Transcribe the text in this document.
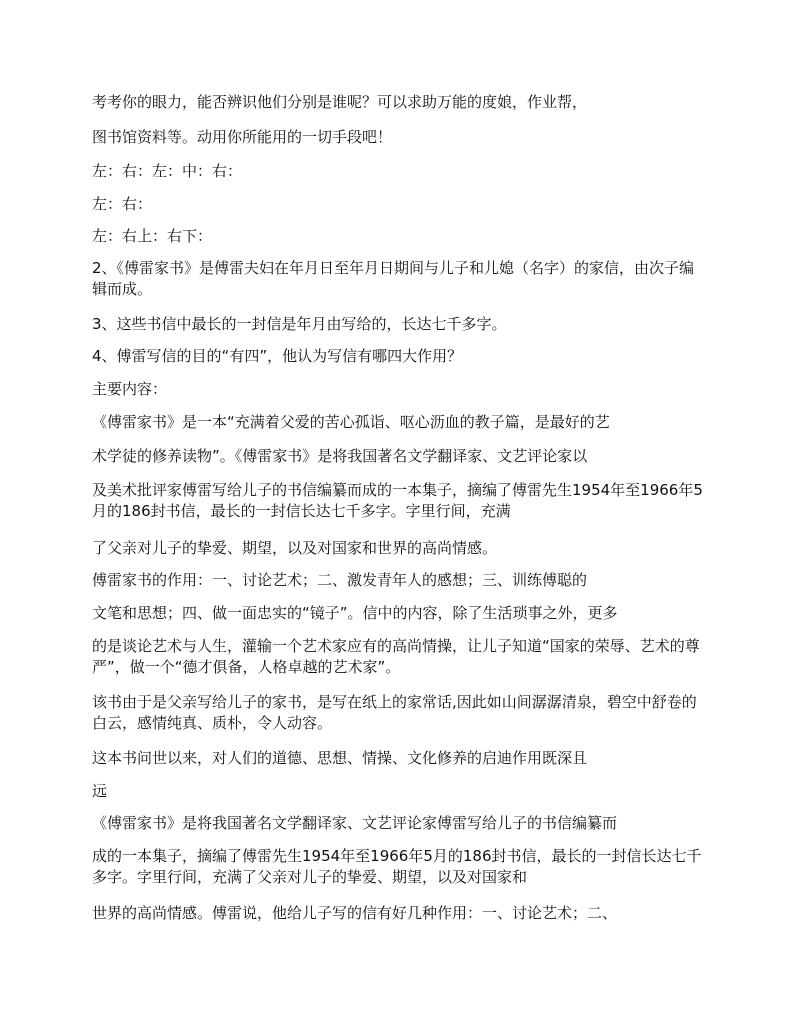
考考你的眼力，能否辨识他们分别是谁呢？可以求助万能的度娘，作业帮，

图书馆资料等。动用你所能用的一切手段吧！

左：右：左：中：右：

左：右：

左：右上：右下：

2、《傅雷家书》是傅雷夫妇在年月日至年月日期间与儿子和儿媳（名字）的家信，由次子编辑而成。

3、这些书信中最长的一封信是年月由写给的，长达七千多字。

4、傅雷写信的目的“有四”，他认为写信有哪四大作用？

主要内容：

《傅雷家书》是一本“充满着父爱的苦心孤诣、呕心沥血的教子篇，是最好的艺

术学徒的修养读物”。《傅雷家书》是将我国著名文学翻译家、文艺评论家以

及美术批评家傅雷写给儿子的书信编纂而成的一本集子，摘编了傅雷先生1954年至1966年5月的186封书信，最长的一封信长达七千多字。字里行间，充满

了父亲对儿子的挚爱、期望，以及对国家和世界的高尚情感。

傅雷家书的作用：一、讨论艺术；二、激发青年人的感想；三、训练傅聪的

文笔和思想；四、做一面忠实的“镜子”。信中的内容，除了生活琐事之外，更多

的是谈论艺术与人生，灌输一个艺术家应有的高尚情操，让儿子知道“国家的荣辱、艺术的尊严”，做一个“德才俱备，人格卓越的艺术家”。

该书由于是父亲写给儿子的家书，是写在纸上的家常话,因此如山间潺潺清泉，碧空中舒卷的白云，感情纯真、质朴，令人动容。

这本书问世以来，对人们的道德、思想、情操、文化修养的启迪作用既深且

远

《傅雷家书》是将我国著名文学翻译家、文艺评论家傅雷写给儿子的书信编纂而

成的一本集子，摘编了傅雷先生1954年至1966年5月的186封书信，最长的一封信长达七千多字。字里行间，充满了父亲对儿子的挚爱、期望，以及对国家和

世界的高尚情感。傅雷说，他给儿子写的信有好几种作用：一、讨论艺术；二、
